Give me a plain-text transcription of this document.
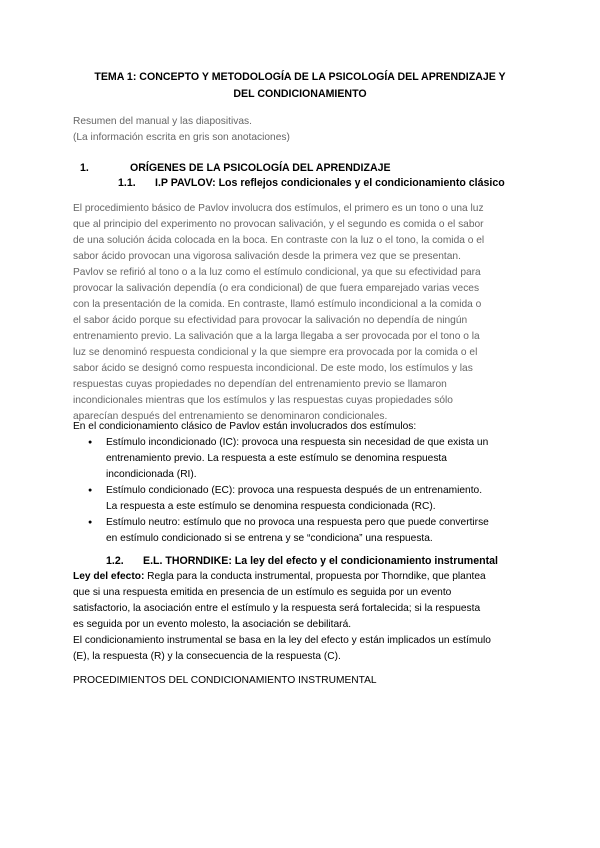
TEMA 1: CONCEPTO Y METODOLOGÍA DE LA PSICOLOGÍA DEL APRENDIZAJE Y
DEL CONDICIONAMIENTO
Resumen del manual y las diapositivas.
(La información escrita en gris son anotaciones)
1.	ORÍGENES DE LA PSICOLOGÍA DEL APRENDIZAJE
1.1. I.P PAVLOV: Los reflejos condicionales y el condicionamiento clásico

El procedimiento básico de Pavlov involucra dos estímulos, el primero es un tono o una luz

que al principio del experimento no provocan salivación, y el segundo es comida o el sabor

de una solución ácida colocada en la boca. En contraste con la luz o el tono, la comida o el

sabor ácido provocan una vigorosa salivación desde la primera vez que se presentan.

Pavlov se refirió al tono o a la luz como el estímulo condicional, ya que su efectividad para

provocar la salivación dependía (o era condicional) de que fuera emparejado varias veces

con la presentación de la comida. En contraste, llamó estímulo incondicional a la comida o

el sabor ácido porque su efectividad para provocar la salivación no dependía de ningún

entrenamiento previo. La salivación que a la larga llegaba a ser provocada por el tono o la

luz se denominó respuesta condicional y la que siempre era provocada por la comida o el

sabor ácido se designó como respuesta incondicional. De este modo, los estímulos y las

respuestas cuyas propiedades no dependían del entrenamiento previo se llamaron

incondicionales mientras que los estímulos y las respuestas cuyas propiedades sólo

aparecían después del entrenamiento se denominaron condicionales.

En el condicionamiento clásico de Pavlov están involucrados dos estímulos:
● Estímulo incondicionado (IC): provoca una respuesta sin necesidad de que exista un
entrenamiento previo. La respuesta a este estímulo se denomina respuesta
incondicionada (RI).
● Estímulo condicionado (EC): provoca una respuesta después de un entrenamiento.
La respuesta a este estímulo se denomina respuesta condicionada (RC).
● Estímulo neutro: estímulo que no provoca una respuesta pero que puede convertirse
en estímulo condicionado si se entrena y se “condiciona” una respuesta.
1.2. E.L. THORNDIKE: La ley del efecto y el condicionamiento instrumental

Ley del efecto: Regla para la conducta instrumental, propuesta por Thorndike, que plantea

que si una respuesta emitida en presencia de un estímulo es seguida por un evento

satisfactorio, la asociación entre el estímulo y la respuesta será fortalecida; si la respuesta

es seguida por un evento molesto, la asociación se debilitará.

El condicionamiento instrumental se basa en la ley del efecto y están implicados un estímulo

(E), la respuesta (R) y la consecuencia de la respuesta (C).

PROCEDIMIENTOS DEL CONDICIONAMIENTO INSTRUMENTAL
